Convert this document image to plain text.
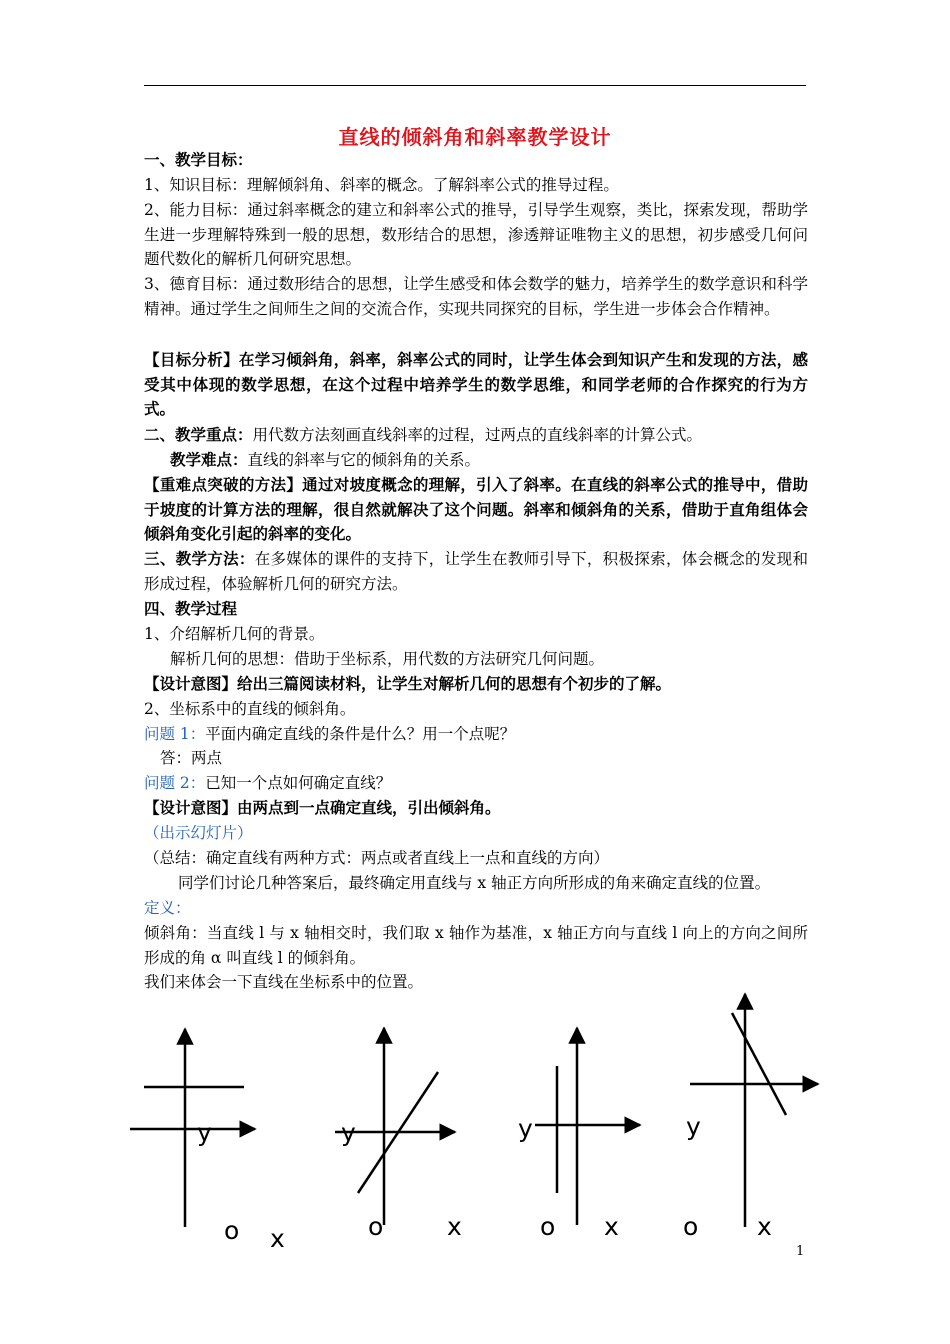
直线的倾斜角和斜率教学设计
一、教学目标：
1、知识目标：理解倾斜角、斜率的概念。了解斜率公式的推导过程。
2、能力目标：通过斜率概念的建立和斜率公式的推导，引导学生观察，类比，探索发现，帮助学生进一步理解特殊到一般的思想，数形结合的思想，渗透辩证唯物主义的思想，初步感受几何问题代数化的解析几何研究思想。
3、德育目标：通过数形结合的思想，让学生感受和体会数学的魅力，培养学生的数学意识和科学精神。通过学生之间师生之间的交流合作，实现共同探究的目标，学生进一步体会合作精神。
【目标分析】在学习倾斜角，斜率，斜率公式的同时，让学生体会到知识产生和发现的方法，感受其中体现的数学思想，在这个过程中培养学生的数学思维，和同学老师的合作探究的行为方式。
二、教学重点：用代数方法刻画直线斜率的过程，过两点的直线斜率的计算公式。
教学难点：直线的斜率与它的倾斜角的关系。
【重难点突破的方法】通过对坡度概念的理解，引入了斜率。在直线的斜率公式的推导中，借助于坡度的计算方法的理解，很自然就解决了这个问题。斜率和倾斜角的关系，借助于直角组体会倾斜角变化引起的斜率的变化。
三、教学方法：在多媒体的课件的支持下，让学生在教师引导下，积极探索，体会概念的发现和形成过程，体验解析几何的研究方法。
四、教学过程
1、介绍解析几何的背景。
解析几何的思想：借助于坐标系，用代数的方法研究几何问题。
【设计意图】给出三篇阅读材料，让学生对解析几何的思想有个初步的了解。
2、坐标系中的直线的倾斜角。
问题 1：平面内确定直线的条件是什么？用一个点呢？
答：两点
问题 2：已知一个点如何确定直线？
【设计意图】由两点到一点确定直线，引出倾斜角。
（出示幻灯片）
（总结：确定直线有两种方式：两点或者直线上一点和直线的方向）
同学们讨论几种答案后，最终确定用直线与 x 轴正方向所形成的角来确定直线的位置。
定义：
倾斜角：当直线 l 与 x 轴相交时，我们取 x 轴作为基准，x 轴正方向与直线 l 向上的方向之间所形成的角 α 叫直线 l 的倾斜角。
我们来体会一下直线在坐标系中的位置。
y
o x
y
o	x
y
o x
y
o x
1
